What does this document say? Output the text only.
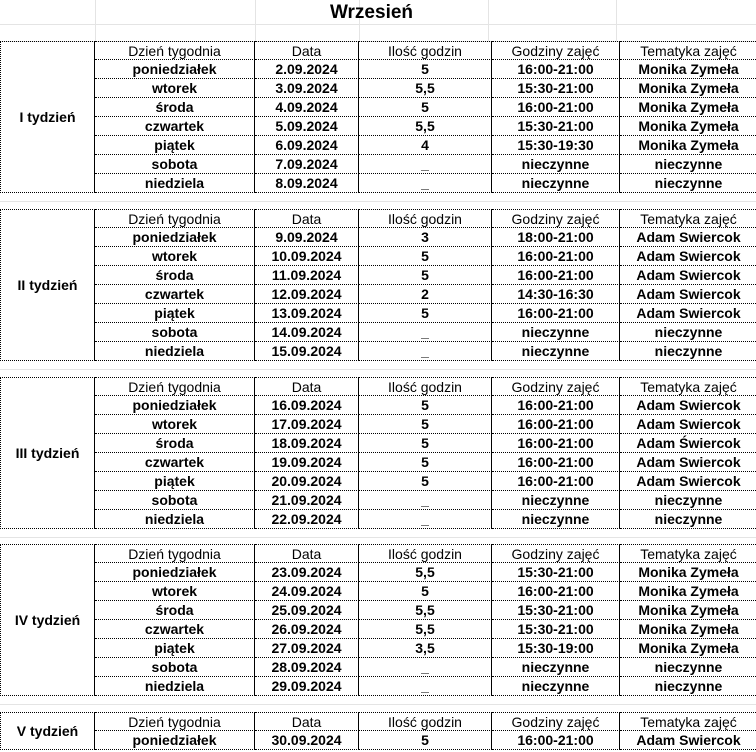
Wrzesień
I tydzień
Dzień tygodnia	Data	Ilość godzin	Godziny zajęć	Tematyka zajęć
poniedziałek	2.09.2024	5	16:00-21:00	Monika Zymeła
wtorek	3.09.2024	5,5	15:30-21:00	Monika Zymeła
środa	4.09.2024	5	16:00-21:00	Monika Zymeła
czwartek	5.09.2024	5,5	15:30-21:00	Monika Zymeła
piątek	6.09.2024	4	15:30-19:30	Monika Zymeła
sobota	7.09.2024	_	nieczynne	nieczynne
niedziela	8.09.2024	_	nieczynne	nieczynne
II tydzień
Dzień tygodnia	Data	Ilość godzin	Godziny zajęć	Tematyka zajęć
poniedziałek	9.09.2024	3	18:00-21:00	Adam Swiercok
wtorek	10.09.2024	5	16:00-21:00	Adam Swiercok
środa	11.09.2024	5	16:00-21:00	Adam Swiercok
czwartek	12.09.2024	2	14:30-16:30	Adam Swiercok
piątek	13.09.2024	5	16:00-21:00	Adam Swiercok
sobota	14.09.2024	_	nieczynne	nieczynne
niedziela	15.09.2024	_	nieczynne	nieczynne
III tydzień
Dzień tygodnia	Data	Ilość godzin	Godziny zajęć	Tematyka zajęć
poniedziałek	16.09.2024	5	16:00-21:00	Adam Swiercok
wtorek	17.09.2024	5	16:00-21:00	Adam Swiercok
środa	18.09.2024	5	16:00-21:00	Adam Świercok
czwartek	19.09.2024	5	16:00-21:00	Adam Swiercok
piątek	20.09.2024	5	16:00-21:00	Adam Swiercok
sobota	21.09.2024	_	nieczynne	nieczynne
niedziela	22.09.2024	_	nieczynne	nieczynne
IV tydzień
Dzień tygodnia	Data	Ilość godzin	Godziny zajęć	Tematyka zajęć
poniedziałek	23.09.2024	5,5	15:30-21:00	Monika Zymeła
wtorek	24.09.2024	5	16:00-21:00	Monika Zymeła
środa	25.09.2024	5,5	15:30-21:00	Monika Zymeła
czwartek	26.09.2024	5,5	15:30-21:00	Monika Zymeła
piątek	27.09.2024	3,5	15:30-19:00	Monika Zymeła
sobota	28.09.2024	_	nieczynne	nieczynne
niedziela	29.09.2024	_	nieczynne	nieczynne
V tydzień
Dzień tygodnia	Data	Ilość godzin	Godziny zajęć	Tematyka zajęć
poniedziałek	30.09.2024	5	16:00-21:00	Adam Swiercok
